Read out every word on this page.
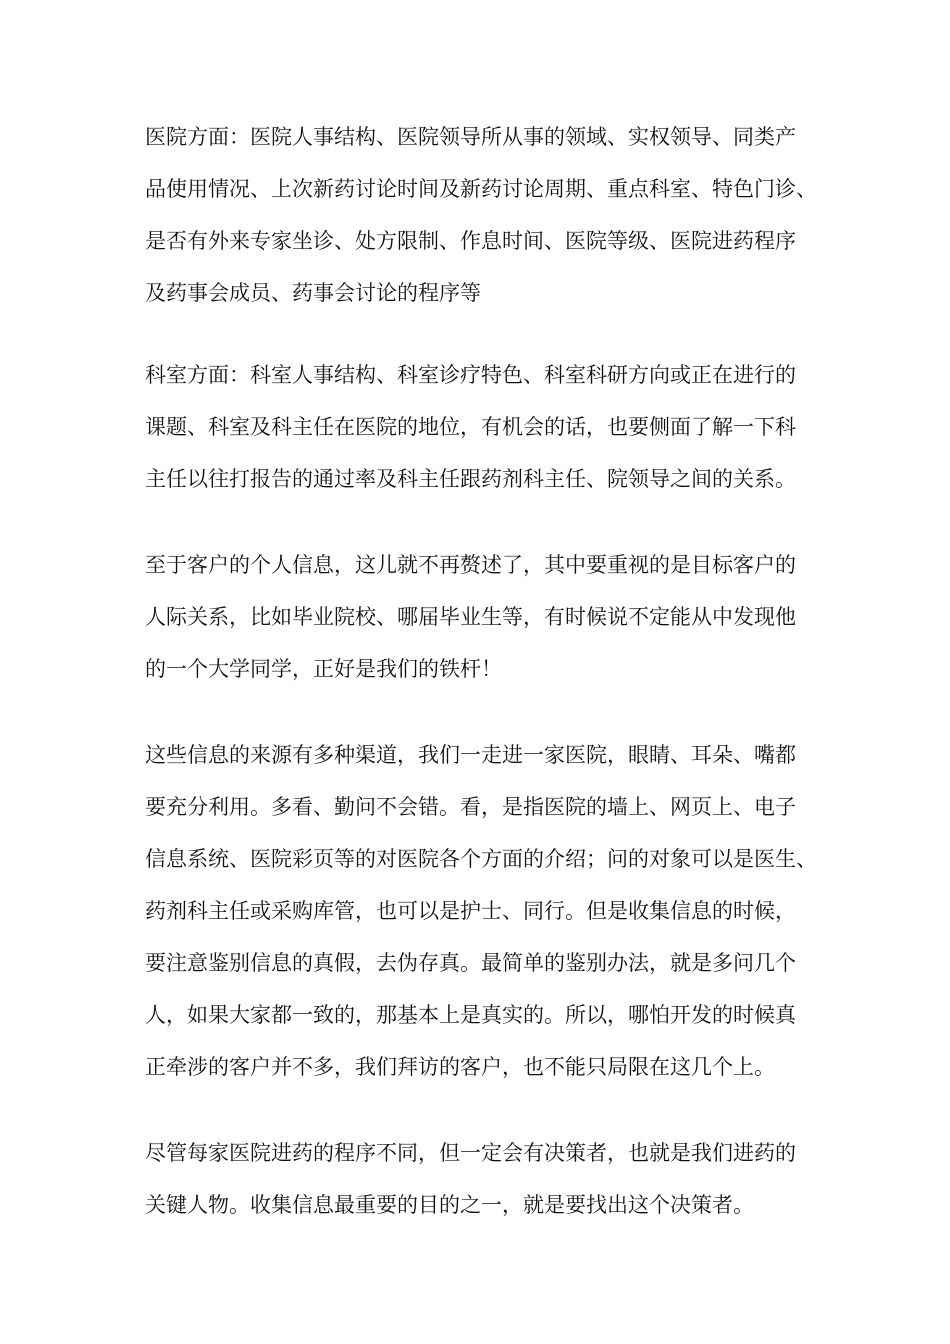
医院方面：医院人事结构、医院领导所从事的领域、实权领导、同类产
品使用情况、上次新药讨论时间及新药讨论周期、重点科室、特色门诊、
是否有外来专家坐诊、处方限制、作息时间、医院等级、医院进药程序
及药事会成员、药事会讨论的程序等
科室方面：科室人事结构、科室诊疗特色、科室科研方向或正在进行的
课题、科室及科主任在医院的地位，有机会的话，也要侧面了解一下科
主任以往打报告的通过率及科主任跟药剂科主任、院领导之间的关系。
至于客户的个人信息，这儿就不再赘述了，其中要重视的是目标客户的
人际关系，比如毕业院校、哪届毕业生等，有时候说不定能从中发现他
的一个大学同学，正好是我们的铁杆！
这些信息的来源有多种渠道，我们一走进一家医院，眼睛、耳朵、嘴都
要充分利用。多看、勤问不会错。看，是指医院的墙上、网页上、电子
信息系统、医院彩页等的对医院各个方面的介绍；问的对象可以是医生、
药剂科主任或采购库管，也可以是护士、同行。但是收集信息的时候，
要注意鉴别信息的真假，去伪存真。最简单的鉴别办法，就是多问几个
人，如果大家都一致的，那基本上是真实的。所以，哪怕开发的时候真
正牵涉的客户并不多，我们拜访的客户，也不能只局限在这几个上。
尽管每家医院进药的程序不同，但一定会有决策者，也就是我们进药的
关键人物。收集信息最重要的目的之一，就是要找出这个决策者。
